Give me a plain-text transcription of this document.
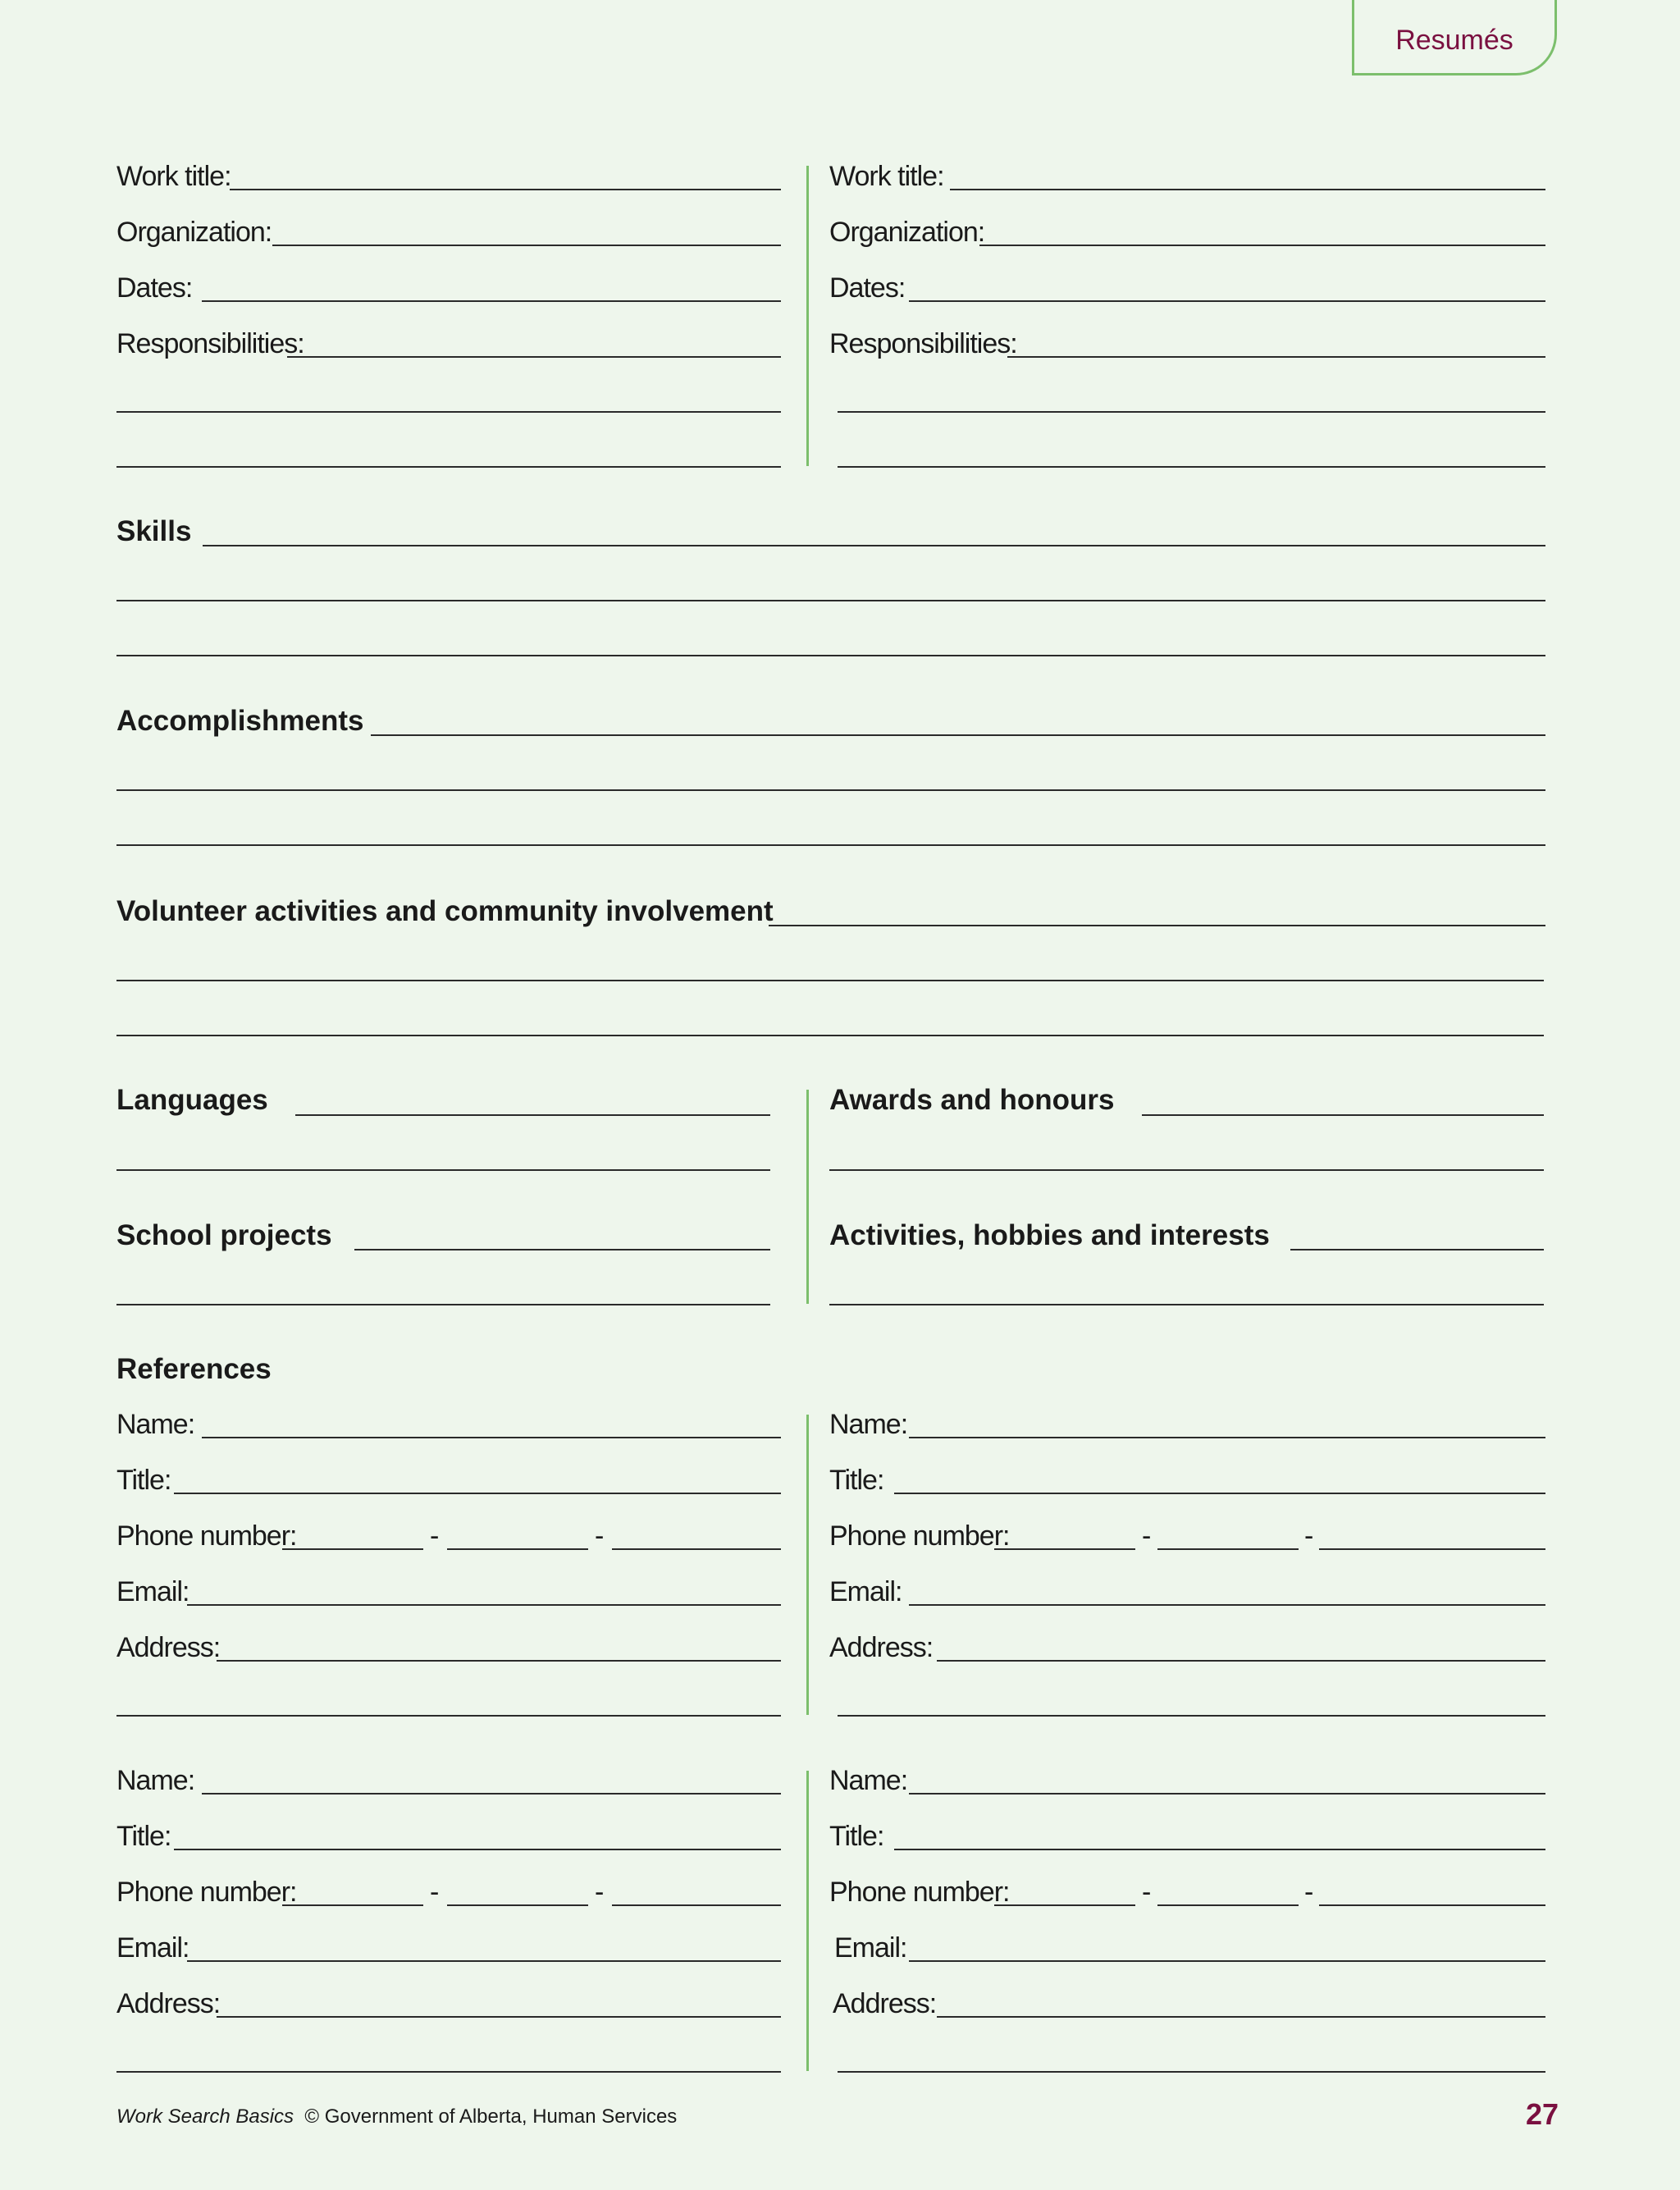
Resumés
Work title:
Organization:
Dates:
Responsibilities:
Work title:
Organization:
Dates:
Responsibilities:
Skills
Accomplishments
Volunteer activities and community involvement
Languages
School projects
Awards and honours
Activities, hobbies and interests
References
Name:
Title:
Phone number:	-	-
Email:
Address:
Name:
Title:
Phone number:	-	-
Email:
Address:
Name:
Title:
Phone number:	-	-
Email:
Address:
Name:
Title:
Phone number:	-	-
Email:
Address:
Work Search Basics © Government of Alberta, Human Services	27
